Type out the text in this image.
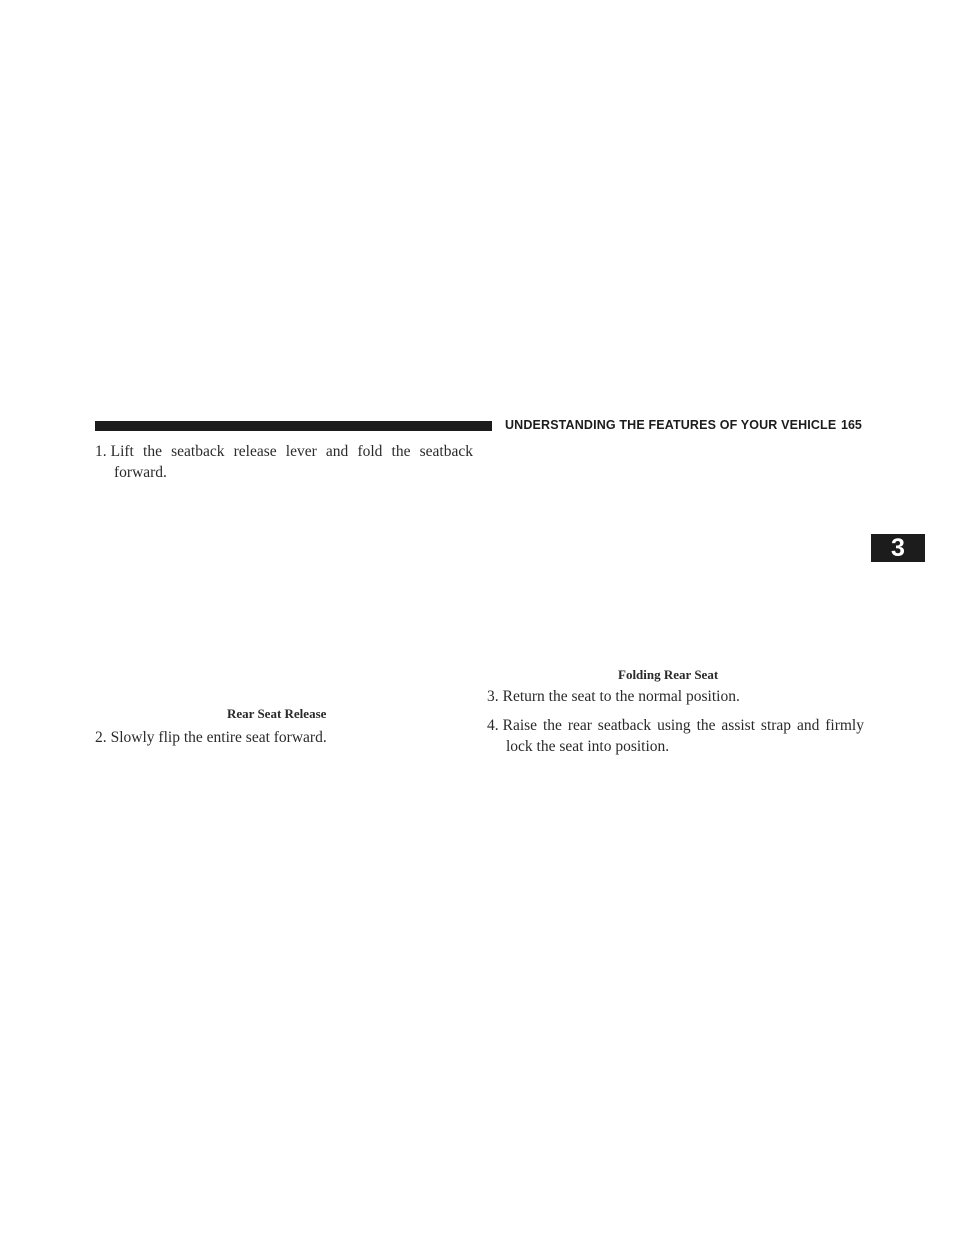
UNDERSTANDING THE FEATURES OF YOUR VEHICLE 165

1. Lift the seatback release lever and fold the seatback forward.

Rear Seat Release

2. Slowly flip the entire seat forward.

Folding Rear Seat

3. Return the seat to the normal position.

4. Raise the rear seatback using the assist strap and firmly lock the seat into position.

3
